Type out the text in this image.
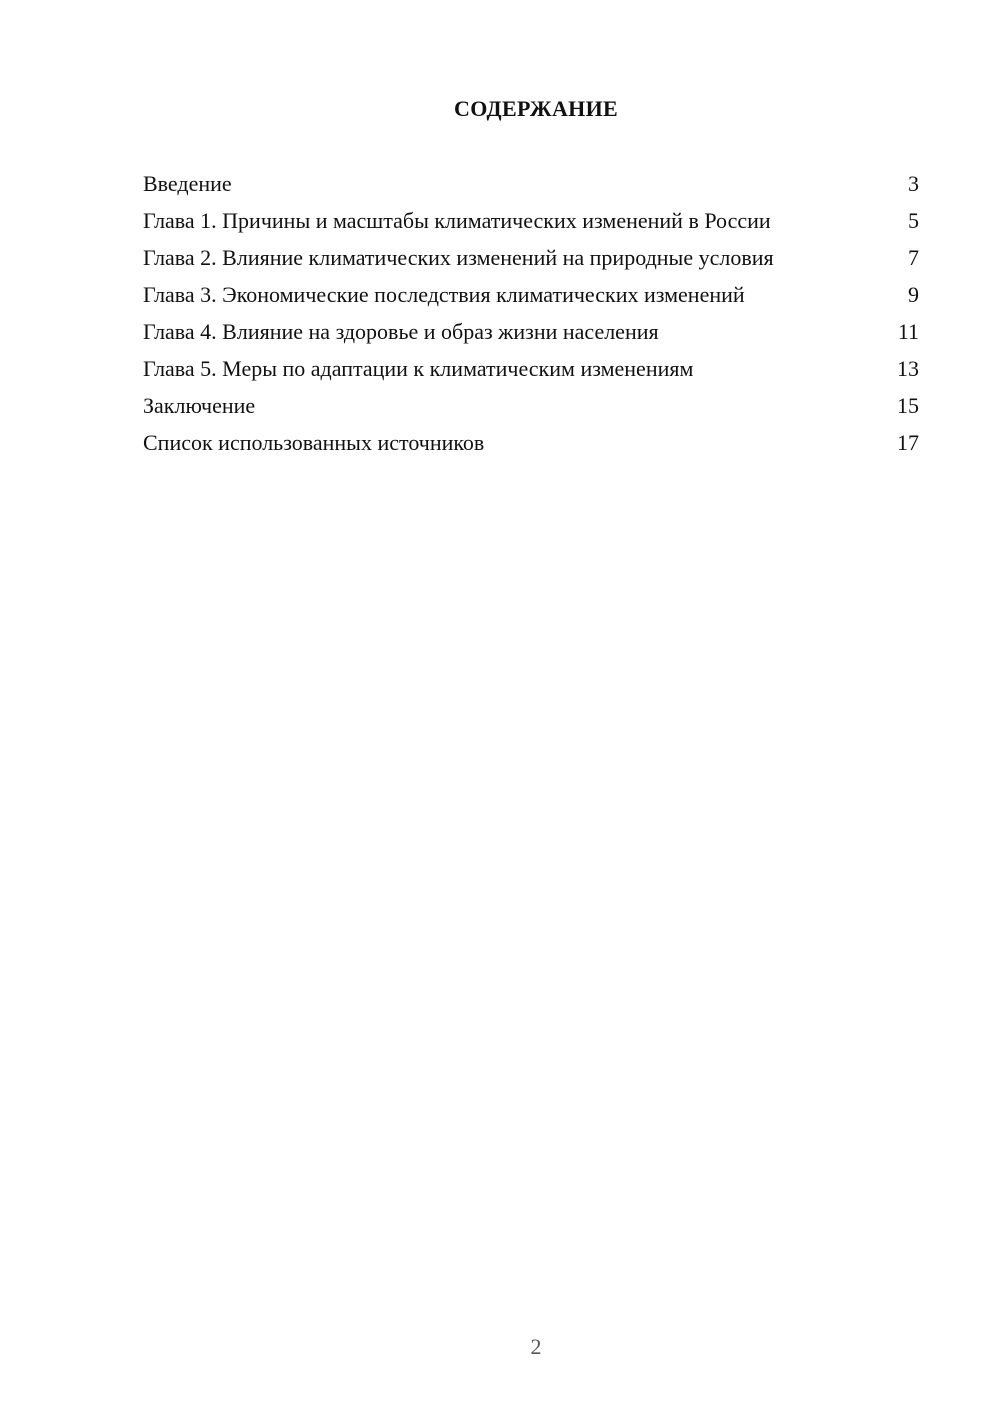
СОДЕРЖАНИЕ
Введение	3
Глава 1. Причины и масштабы климатических изменений в России	5
Глава 2. Влияние климатических изменений на природные условия	7
Глава 3. Экономические последствия климатических изменений	9
Глава 4. Влияние на здоровье и образ жизни населения	11
Глава 5. Меры по адаптации к климатическим изменениям	13
Заключение	15
Список использованных источников	17
2
